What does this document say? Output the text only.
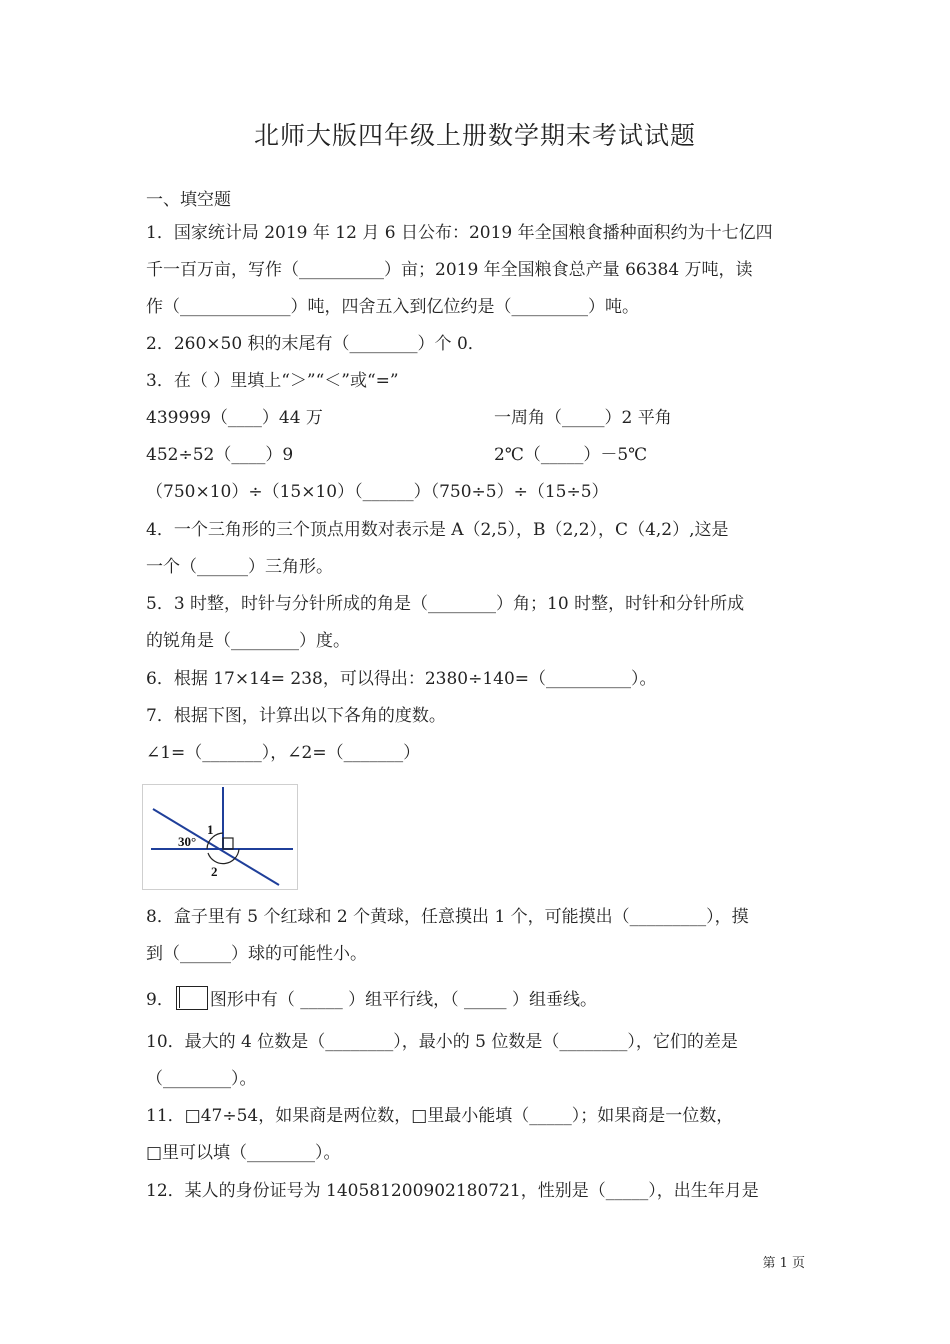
北师大版四年级上册数学期末考试试题
一、填空题
1．国家统计局 2019 年 12 月 6 日公布：2019 年全国粮食播种面积约为十七亿四
千一百万亩，写作（__________）亩；2019 年全国粮食总产量 66384 万吨，读
作（_____________）吨，四舍五入到亿位约是（_________）吨。
2．260×50 积的末尾有（________）个 0．
3．在（ ）里填上“＞”“＜”或“=”
439999（____）44 万	一周角（_____）2 平角
452÷52（____）9	2℃（_____）－5℃
（750×10）÷（15×10）（______）（750÷5）÷（15÷5）
4．一个三角形的三个顶点用数对表示是 A（2,5），B（2,2），C（4,2）,这是
一个（______）三角形。
5．3 时整，时针与分针所成的角是（________）角；10 时整，时针和分针所成
的锐角是（________）度。
6．根据 17×14= 238，可以得出：2380÷140=（__________）。
7．根据下图，计算出以下各角的度数。
∠1=（_______），∠2=（_______）
30°
1
2
8．盒子里有 5 个红球和 2 个黄球，任意摸出 1 个，可能摸出（_________），摸
到（______）球的可能性小。
9． 图形中有（ _____ ）组平行线，（ _____ ）组垂线。
10．最大的 4 位数是（________），最小的 5 位数是（________），它们的差是
（________）。
11．□47÷54，如果商是两位数，□里最小能填（_____）；如果商是一位数，
□里可以填（________）。
12．某人的身份证号为 140581200902180721，性别是（_____），出生年月是
第 1 页
